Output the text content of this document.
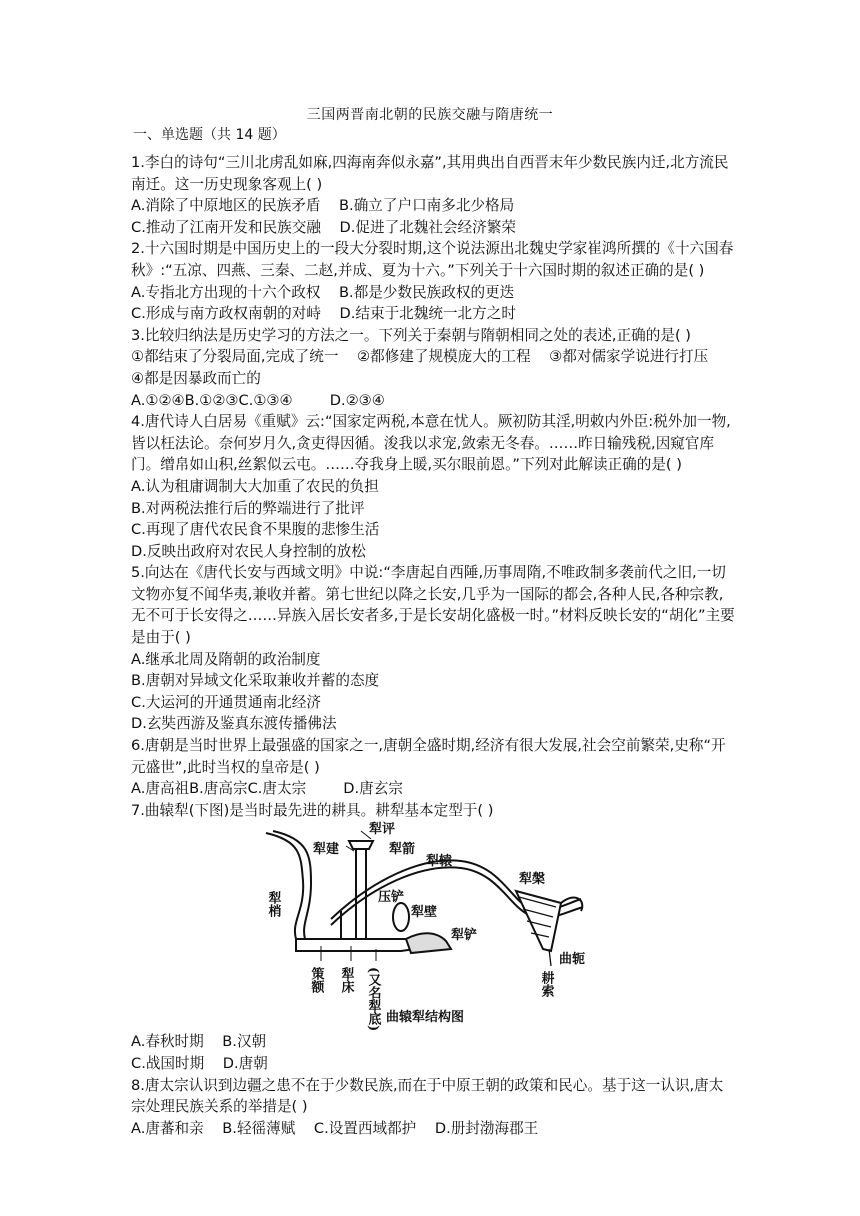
三国两晋南北朝的民族交融与隋唐统一
一、单选题（共 14 题）

1.李白的诗句“三川北虏乱如麻,四海南奔似永嘉”,其用典出自西晋末年少数民族内迁,北方流民南迁。这一历史现象客观上( )

A.消除了中原地区的民族矛盾    B.确立了户口南多北少格局

C.推动了江南开发和民族交融    D.促进了北魏社会经济繁荣

2.十六国时期是中国历史上的一段大分裂时期,这个说法源出北魏史学家崔鸿所撰的《十六国春秋》:“五凉、四燕、三秦、二赵,并成、夏为十六。”下列关于十六国时期的叙述正确的是( )

A.专指北方出现的十六个政权    B.都是少数民族政权的更迭

C.形成与南方政权南朝的对峙    D.结束于北魏统一北方之时

3.比较归纳法是历史学习的方法之一。下列关于秦朝与隋朝相同之处的表述,正确的是( )

①都结束了分裂局面,完成了统一    ②都修建了规模庞大的工程    ③都对儒家学说进行打压

④都是因暴政而亡的

A.①②④B.①②③C.①③④        D.②③④

4.唐代诗人白居易《重赋》云:“国家定两税,本意在忧人。厥初防其淫,明敕内外臣:税外加一物,皆以枉法论。奈何岁月久,贪吏得因循。浚我以求宠,敛索无冬春。……昨日输残税,因窥官库门。缯帛如山积,丝絮似云屯。……夺我身上暖,买尔眼前恩。”下列对此解读正确的是( )

A.认为租庸调制大大加重了农民的负担

B.对两税法推行后的弊端进行了批评

C.再现了唐代农民食不果腹的悲惨生活

D.反映出政府对农民人身控制的放松

5.向达在《唐代长安与西域文明》中说:“李唐起自西陲,历事周隋,不唯政制多袭前代之旧,一切文物亦复不闻华夷,兼收并蓄。第七世纪以降之长安,几乎为一国际的都会,各种人民,各种宗教,无不可于长安得之……异族入居长安者多,于是长安胡化盛极一时。”材料反映长安的“胡化”主要是由于( )

A.继承北周及隋朝的政治制度

B.唐朝对异域文化采取兼收并蓄的态度

C.大运河的开通贯通南北经济

D.玄奘西游及鉴真东渡传播佛法

6.唐朝是当时世界上最强盛的国家之一,唐朝全盛时期,经济有很大发展,社会空前繁荣,史称“开元盛世”,此时当权的皇帝是( )

A.唐高祖B.唐高宗C.唐太宗        D.唐玄宗

7.曲辕犁(下图)是当时最先进的耕具。耕犁基本定型于( )

犁评
犁建	犁箭
犁辕
压铲
犁壁
犁铲
犁槃
曲轭
犁梢
策额 犁床 (又名犁底)	耕索
曲辕犁结构图

A.春秋时期    B.汉朝

C.战国时期    D.唐朝

8.唐太宗认识到边疆之患不在于少数民族,而在于中原王朝的政策和民心。基于这一认识,唐太宗处理民族关系的举措是( )

A.唐蕃和亲    B.轻徭薄赋    C.设置西域都护    D.册封渤海郡王
